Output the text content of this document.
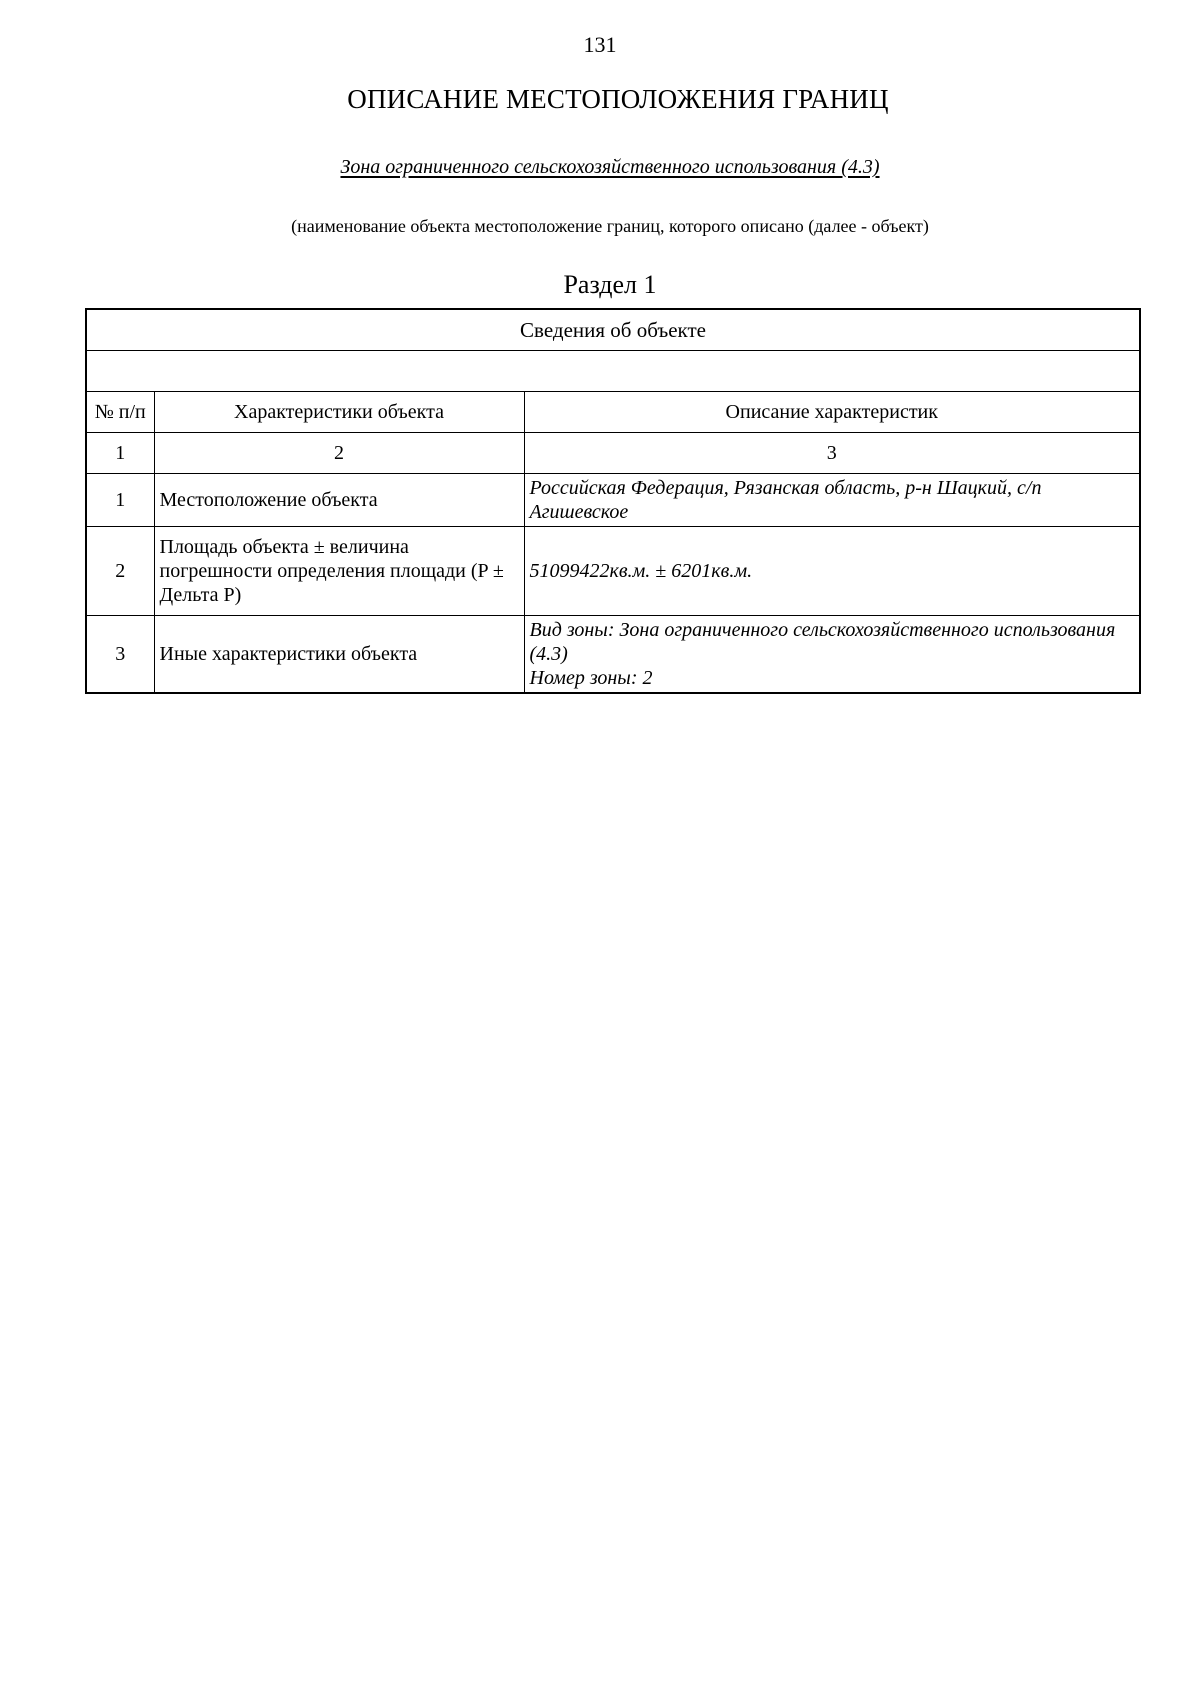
131
ОПИСАНИЕ МЕСТОПОЛОЖЕНИЯ ГРАНИЦ
Зона ограниченного сельскохозяйственного использования (4.3)
(наименование объекта местоположение границ, которого описано (далее - объект)
Раздел 1
Сведения об объекте		

№ п/п	Характеристики объекта	Описание характеристик
1	2	3
1	Местоположение объекта	Российская Федерация, Рязанская область, р-н Шацкий, с/п Агишевское

2	Площадь объекта ± величина погрешности определения площади (P ± Дельта P)	51099422кв.м. ± 6201кв.м.

3	Иные характеристики объекта	Вид зоны: Зона ограниченного сельскохозяйственного использования (4.3)
Номер зоны: 2
